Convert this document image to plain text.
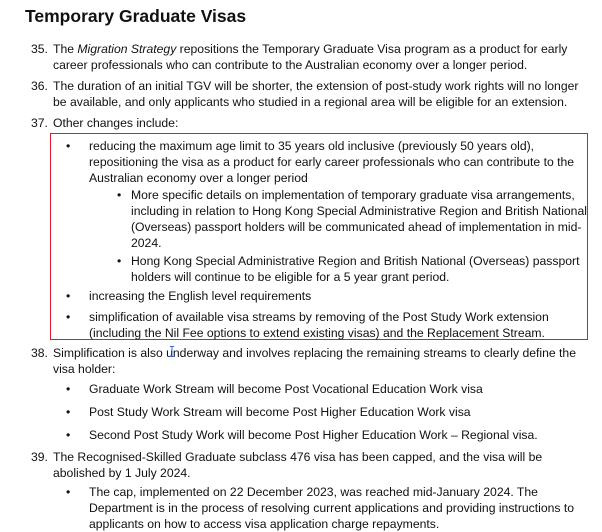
Temporary Graduate Visas

35. The Migration Strategy repositions the Temporary Graduate Visa program as a product for early career professionals who can contribute to the Australian economy over a longer period.

36. The duration of an initial TGV will be shorter, the extension of post-study work rights will no longer be available, and only applicants who studied in a regional area will be eligible for an extension.

37. Other changes include:

• reducing the maximum age limit to 35 years old inclusive (previously 50 years old), repositioning the visa as a product for early career professionals who can contribute to the Australian economy over a longer period
• More specific details on implementation of temporary graduate visa arrangements, including in relation to Hong Kong Special Administrative Region and British National (Overseas) passport holders will be communicated ahead of implementation in mid-2024.
• Hong Kong Special Administrative Region and British National (Overseas) passport holders will continue to be eligible for a 5 year grant period.
• increasing the English level requirements
• simplification of available visa streams by removing of the Post Study Work extension (including the Nil Fee options to extend existing visas) and the Replacement Stream.

38. Simplification is also underway and involves replacing the remaining streams to clearly define the visa holder:

• Graduate Work Stream will become Post Vocational Education Work visa
• Post Study Work Stream will become Post Higher Education Work visa
• Second Post Study Work will become Post Higher Education Work – Regional visa.

39. The Recognised-Skilled Graduate subclass 476 visa has been capped, and the visa will be abolished by 1 July 2024.

• The cap, implemented on 22 December 2023, was reached mid-January 2024. The Department is in the process of resolving current applications and providing instructions to applicants on how to access visa application charge repayments.
